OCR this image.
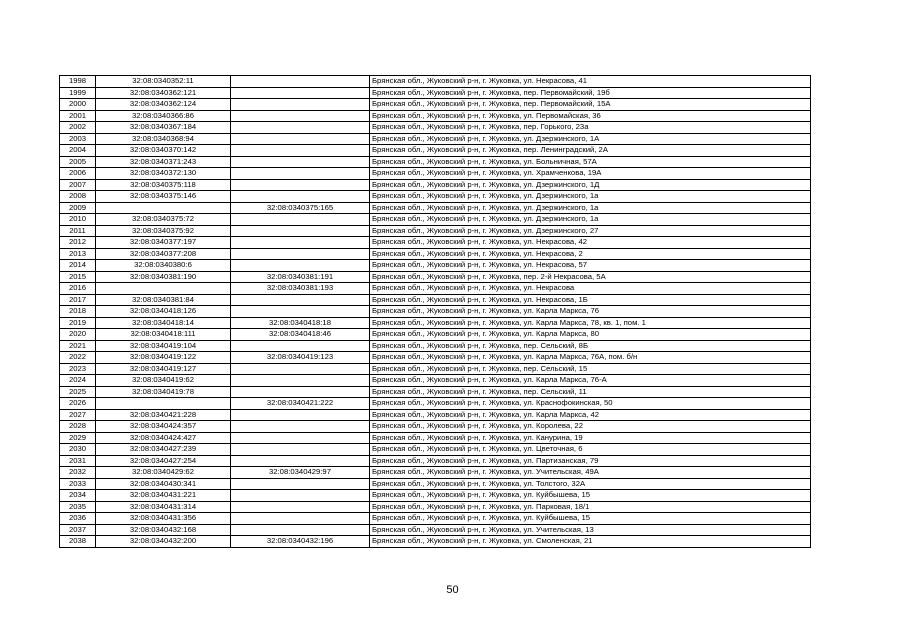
1998	32:08:0340352:11		Брянская обл., Жуковский р-н, г. Жуковка, ул. Некрасова, 41
1999	32:08:0340362:121		Брянская обл., Жуковский р-н, г. Жуковка, пер. Первомайский, 19б
2000	32:08:0340362:124		Брянская обл., Жуковский р-н, г. Жуковка, пер. Первомайский, 15А
2001	32:08:0340366:86		Брянская обл., Жуковский р-н, г. Жуковка, ул. Первомайская, 36
2002	32:08:0340367:184		Брянская обл., Жуковский р-н, г. Жуковка, пер. Горького, 23а
2003	32:08:0340368:94		Брянская обл., Жуковский р-н, г. Жуковка, ул. Дзержинского, 1А
2004	32:08:0340370:142		Брянская обл., Жуковский р-н, г. Жуковка, пер. Ленинградский, 2А
2005	32:08:0340371:243		Брянская обл., Жуковский р-н, г. Жуковка, ул. Больничная, 57А
2006	32:08:0340372:130		Брянская обл., Жуковский р-н, г. Жуковка, ул. Храмченкова, 19А
2007	32:08:0340375:118		Брянская обл., Жуковский р-н, г. Жуковка, ул. Дзержинского, 1Д
2008	32:08:0340375:146		Брянская обл., Жуковский р-н, г. Жуковка, ул. Дзержинского, 1а
2009		32:08:0340375:165	Брянская обл., Жуковский р-н, г. Жуковка, ул. Дзержинского, 1а
2010	32:08:0340375:72		Брянская обл., Жуковский р-н, г. Жуковка, ул. Дзержинского, 1а
2011	32:08:0340375:92		Брянская обл., Жуковский р-н, г. Жуковка, ул. Дзержинского, 27
2012	32:08:0340377:197		Брянская обл., Жуковский р-н, г. Жуковка, ул. Некрасова, 42
2013	32:08:0340377:208		Брянская обл., Жуковский р-н, г. Жуковка, ул. Некрасова, 2
2014	32:08:0340380:6		Брянская обл., Жуковский р-н, г. Жуковка, ул. Некрасова, 57
2015	32:08:0340381:190	32:08:0340381:191	Брянская обл., Жуковский р-н, г. Жуковка, пер. 2-й Некрасова, 5А
2016		32:08:0340381:193	Брянская обл., Жуковский р-н, г. Жуковка, ул. Некрасова
2017	32:08:0340381:84		Брянская обл., Жуковский р-н, г. Жуковка, ул. Некрасова, 1Б
2018	32:08:0340418:126		Брянская обл., Жуковский р-н, г. Жуковка, ул. Карла Маркса, 76
2019	32:08:0340418:14	32:08:0340418:18	Брянская обл., Жуковский р-н, г. Жуковка, ул. Карла Маркса, 78, кв. 1, пом. 1
2020	32:08:0340418:111	32:08:0340418:46	Брянская обл., Жуковский р-н, г. Жуковка, ул. Карла Маркса, 80
2021	32:08:0340419:104		Брянская обл., Жуковский р-н, г. Жуковка, пер. Сельский, 8Б
2022	32:08:0340419:122	32:08:0340419:123	Брянская обл., Жуковский р-н, г. Жуковка, ул. Карла Маркса, 76А, пом. б/н
2023	32:08:0340419:127		Брянская обл., Жуковский р-н, г. Жуковка, пер. Сельский, 15
2024	32:08:0340419:62		Брянская обл., Жуковский р-н, г. Жуковка, ул. Карла Маркса, 76-А
2025	32:08:0340419:78		Брянская обл., Жуковский р-н, г. Жуковка, пер. Сельский, 11
2026		32:08:0340421:222	Брянская обл., Жуковский р-н, г. Жуковка, ул. Краснофокинская, 50
2027	32:08:0340421:228		Брянская обл., Жуковский р-н, г. Жуковка, ул. Карла Маркса, 42
2028	32:08:0340424:357		Брянская обл., Жуковский р-н, г. Жуковка, ул. Королева, 22
2029	32:08:0340424:427		Брянская обл., Жуковский р-н, г. Жуковка, ул. Канурина, 19
2030	32:08:0340427:239		Брянская обл., Жуковский р-н, г. Жуковка, ул. Цветочная, 6
2031	32:08:0340427:254		Брянская обл., Жуковский р-н, г. Жуковка, ул. Партизанская, 79
2032	32:08:0340429:62	32:08:0340429:97	Брянская обл., Жуковский р-н, г. Жуковка, ул. Учительская, 49А
2033	32:08:0340430:341		Брянская обл., Жуковский р-н, г. Жуковка, ул. Толстого, 32А
2034	32:08:0340431:221		Брянская обл., Жуковский р-н, г. Жуковка, ул. Куйбышева, 15
2035	32:08:0340431:314		Брянская обл., Жуковский р-н, г. Жуковка, ул. Парковая, 18/1
2036	32:08:0340431:356		Брянская обл., Жуковский р-н, г. Жуковка, ул. Куйбышева, 15
2037	32:08:0340432:168		Брянская обл., Жуковский р-н, г. Жуковка, ул. Учительская, 13
2038	32:08:0340432:200	32:08:0340432:196	Брянская обл., Жуковский р-н, г. Жуковка, ул. Смоленская, 21
50
